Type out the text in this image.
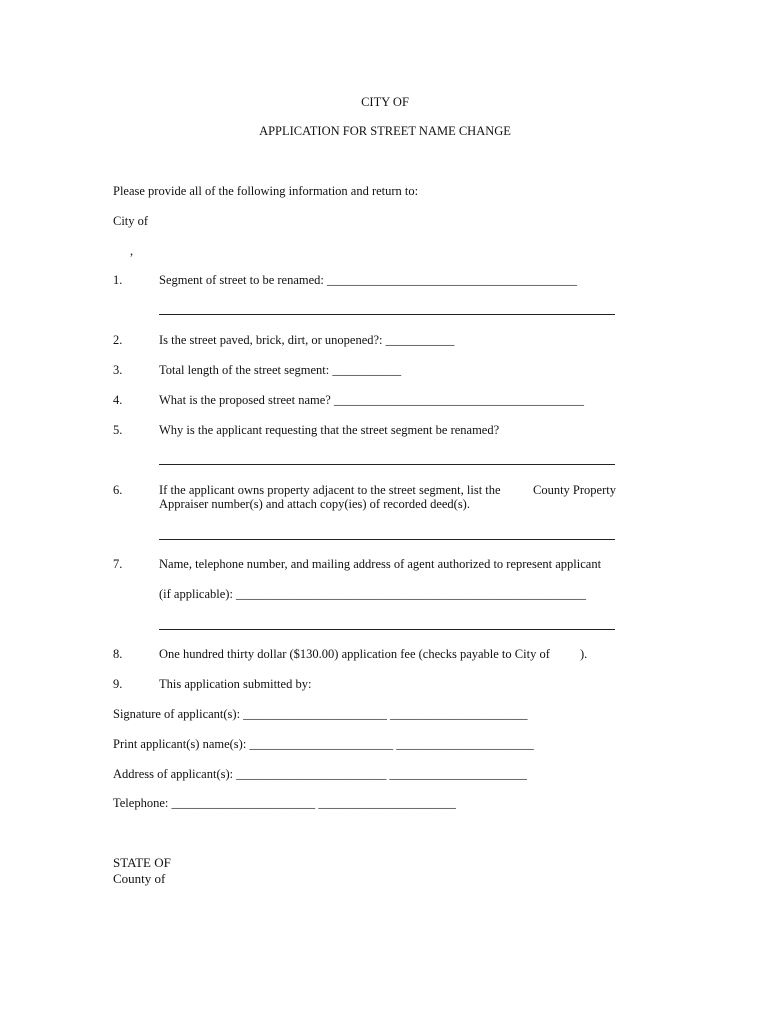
CITY OF
APPLICATION FOR STREET NAME CHANGE
Please provide all of the following information and return to:
City of
,
1.	Segment of street to be renamed: ________________________________________
2.	Is the street paved, brick, dirt, or unopened?: ___________
3.	Total length of the street segment: ___________
4.	What is the proposed street name? ________________________________________
5.	Why is the applicant requesting that the street segment be renamed?
6.	If the applicant owns property adjacent to the street segment, list the	County Property
Appraiser number(s) and attach copy(ies) of recorded deed(s).
7.	Name, telephone number, and mailing address of agent authorized to represent applicant
(if applicable): ________________________________________________________
8.	One hundred thirty dollar ($130.00) application fee (checks payable to City of ).
9.	This application submitted by:
Signature of applicant(s): _______________________ ______________________
Print applicant(s) name(s): _______________________ ______________________
Address of applicant(s): ________________________ ______________________
Telephone: _______________________ ______________________
STATE OF
County of
